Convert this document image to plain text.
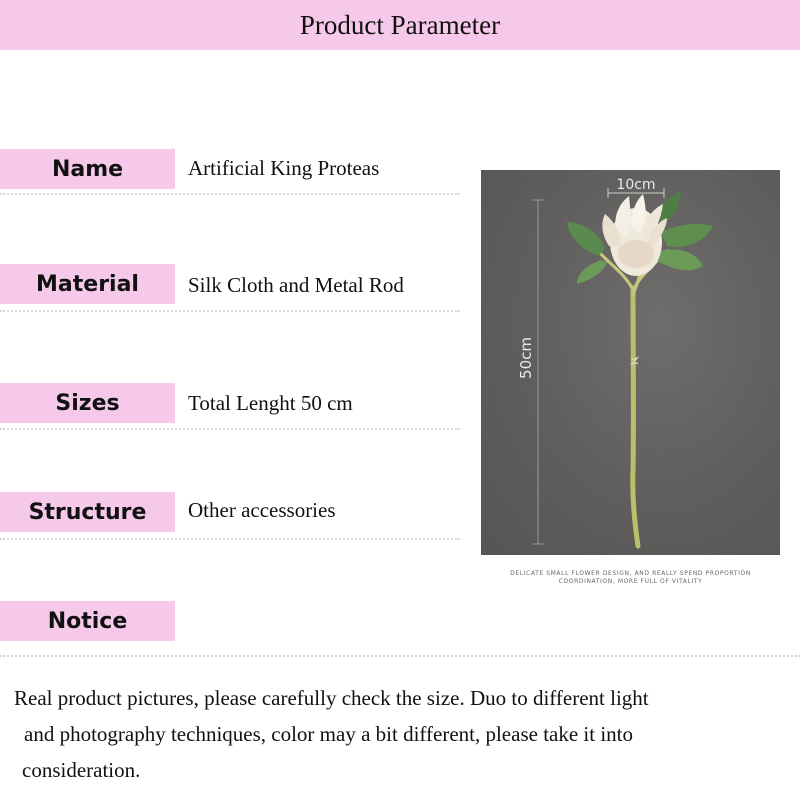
Product Parameter
Name	Artificial King Proteas
Material Silk Cloth and Metal Rod
Sizes	Total Lenght 50 cm
Structure Other accessories
Notice
Real product pictures, please carefully check the size. Duo to different light
and photography techniques, color may a bit different, please take it into
consideration.
10cm
50cm
DELICATE SMALL FLOWER DESIGN, AND REALLY SPEND PROPORTION
COORDINATION, MORE FULL OF VITALITY
